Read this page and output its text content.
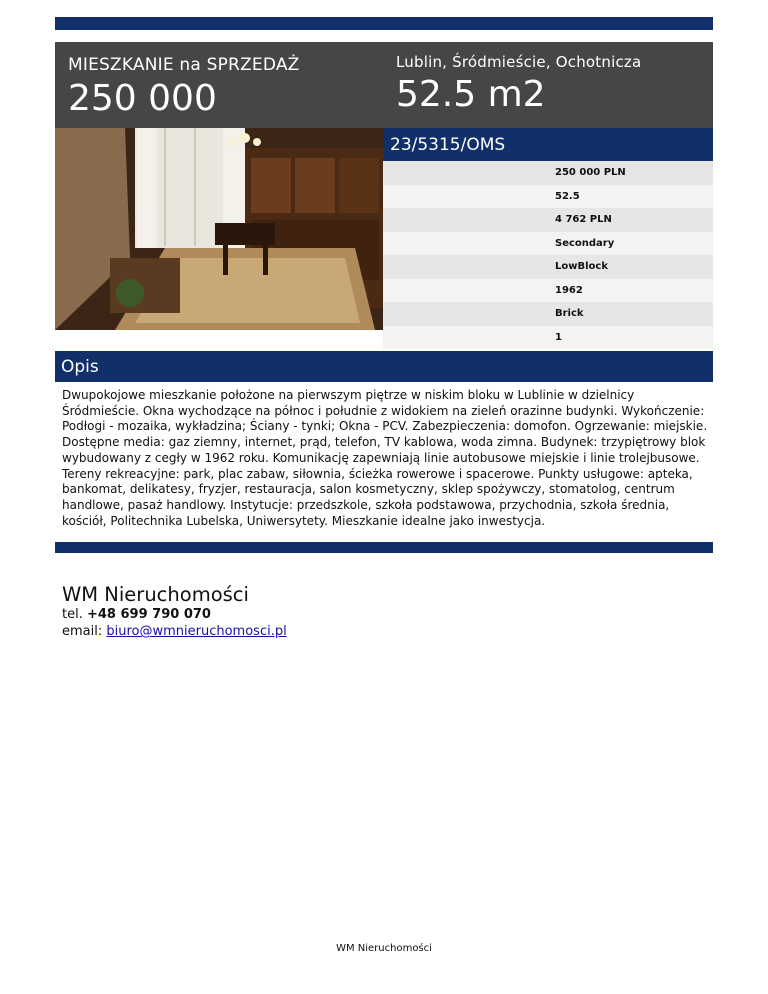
MIESZKANIE na SPRZEDAŻ
250 000
Lublin, Śródmieście, Ochotnicza
52.5 m2
23/5315/OMS
250 000 PLN
52.5
4 762 PLN
Secondary
LowBlock
1962
Brick
1
Opis
Dwupokojowe mieszkanie położone na pierwszym piętrze w niskim bloku w Lublinie w dzielnicy Śródmieście. Okna wychodzące na północ i południe z widokiem na zieleń orazinne budynki. Wykończenie: Podłogi - mozaika, wykładzina; Ściany - tynki; Okna - PCV. Zabezpieczenia: domofon. Ogrzewanie: miejskie. Dostępne media: gaz ziemny, internet, prąd, telefon, TV kablowa, woda zimna. Budynek: trzypiętrowy blok wybudowany z cegły w 1962 roku. Komunikację zapewniają linie autobusowe miejskie i linie trolejbusowe. Tereny rekreacyjne: park, plac zabaw, siłownia, ścieżka rowerowe i spacerowe. Punkty usługowe: apteka, bankomat, delikatesy, fryzjer, restauracja, salon kosmetyczny, sklep spożywczy, stomatolog, centrum handlowe, pasaż handlowy. Instytucje: przedszkole, szkoła podstawowa, przychodnia, szkoła średnia, kościół, Politechnika Lubelska, Uniwersytety. Mieszkanie idealne jako inwestycja.
WM Nieruchomości
tel. +48 699 790 070
email: biuro@wmnieruchomosci.pl
WM Nieruchomości
